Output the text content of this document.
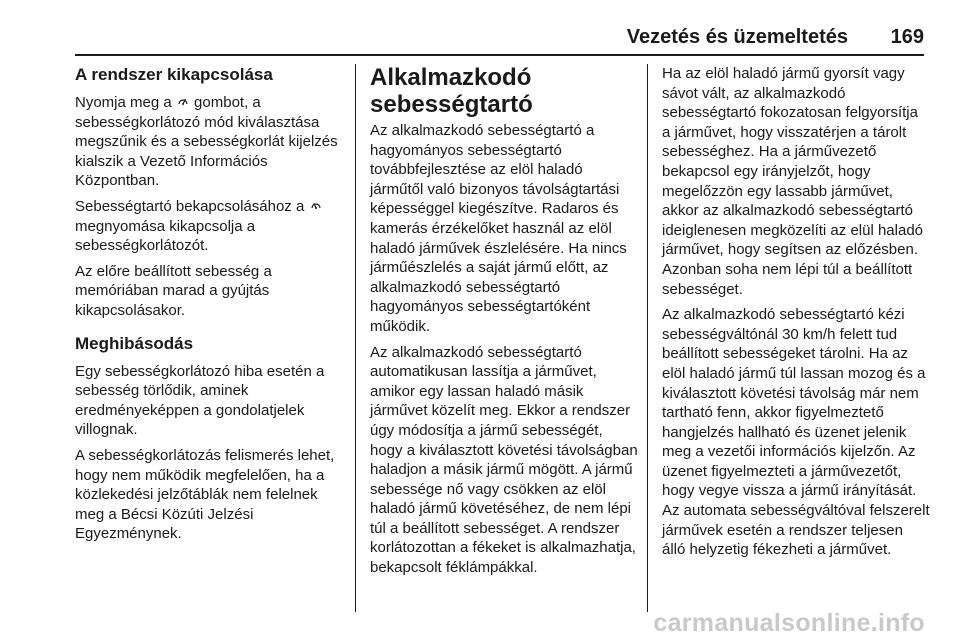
Vezetés és üzemeltetés 169
A rendszer kikapcsolása

Nyomja meg a  gombot, a sebességkorlátozó mód kiválasztása megszűnik és a sebességkorlát kijelzés kialszik a Vezető Információs Központban.

Sebességtartó bekapcsolásához a  megnyomása kikapcsolja a sebességkorlátozót.

Az előre beállított sebesség a memóriában marad a gyújtás kikapcsolásakor.

Meghibásodás

Egy sebességkorlátozó hiba esetén a sebesség törlődik, aminek eredményeképpen a gondolatjelek villognak.

A sebességkorlátozás felismerés lehet, hogy nem működik megfelelően, ha a közlekedési jelzőtáblák nem felelnek meg a Bécsi Közúti Jelzési Egyezménynek.

Alkalmazkodó sebességtartó

Az alkalmazkodó sebességtartó a hagyományos sebességtartó továbbfejlesztése az elöl haladó járműtől való bizonyos távolságtartási képességgel kiegészítve. Radaros és kamerás érzékelőket használ az elöl haladó járművek észlelésére. Ha nincs járműészlelés a saját jármű előtt, az alkalmazkodó sebességtartó hagyományos sebességtartóként működik.

Az alkalmazkodó sebességtartó automatikusan lassítja a járművet, amikor egy lassan haladó másik járművet közelít meg. Ekkor a rendszer úgy módosítja a jármű sebességét, hogy a kiválasztott követési távolságban haladjon a másik jármű mögött. A jármű sebessége nő vagy csökken az elöl haladó jármű követéséhez, de nem lépi túl a beállított sebességet. A rendszer korlátozottan a fékeket is alkalmazhatja, bekapcsolt féklámpákkal.

Ha az elöl haladó jármű gyorsít vagy sávot vált, az alkalmazkodó sebességtartó fokozatosan felgyorsítja a járművet, hogy visszatérjen a tárolt sebességhez. Ha a járművezető bekapcsol egy irányjelzőt, hogy megelőzzön egy lassabb járművet, akkor az alkalmazkodó sebességtartó ideiglenesen megközelíti az elül haladó járművet, hogy segítsen az előzésben. Azonban soha nem lépi túl a beállított sebességet.

Az alkalmazkodó sebességtartó kézi sebességváltónál 30 km/h felett tud beállított sebességeket tárolni. Ha az elöl haladó jármű túl lassan mozog és a kiválasztott követési távolság már nem tartható fenn, akkor figyelmeztető hangjelzés hallható és üzenet jelenik meg a vezetői információs kijelzőn. Az üzenet figyelmezteti a járművezetőt, hogy vegye vissza a jármű irányítását. Az automata sebességváltóval felszerelt járművek esetén a rendszer teljesen álló helyzetig fékezheti a járművet.

carmanualsonline.info
